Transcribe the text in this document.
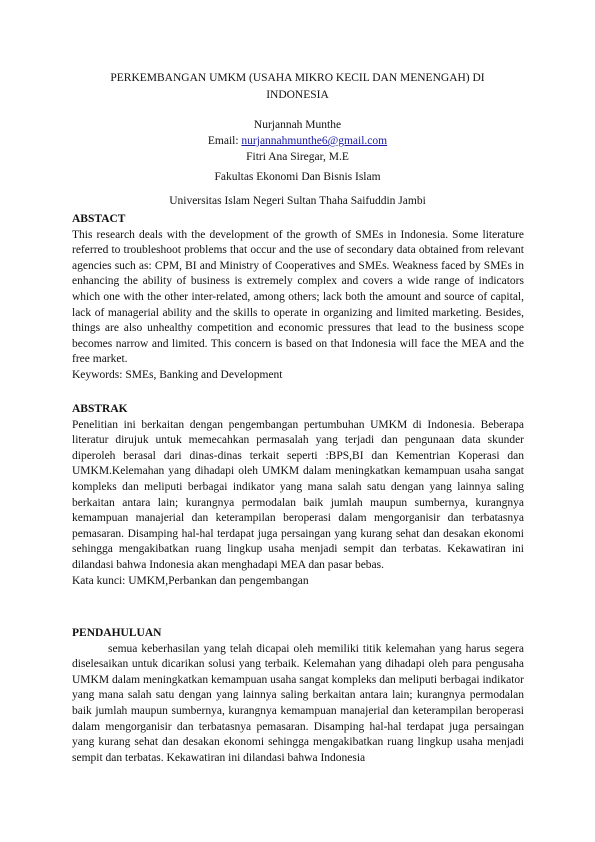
PERKEMBANGAN UMKM (USAHA MIKRO KECIL DAN MENENGAH) DI INDONESIA
Nurjannah Munthe
Email: nurjannahmunthe6@gmail.com
Fitri Ana Siregar, M.E
Fakultas Ekonomi Dan Bisnis Islam
Universitas Islam Negeri Sultan Thaha Saifuddin Jambi
ABSTACT

This research deals with the development of the growth of SMEs in Indonesia. Some literature referred to troubleshoot problems that occur and the use of secondary data obtained from relevant agencies such as: CPM, BI and Ministry of Cooperatives and SMEs. Weakness faced by SMEs in enhancing the ability of business is extremely complex and covers a wide range of indicators which one with the other inter-related, among others; lack both the amount and source of capital, lack of managerial ability and the skills to operate in organizing and limited marketing. Besides, things are also unhealthy competition and economic pressures that lead to the business scope becomes narrow and limited. This concern is based on that Indonesia will face the MEA and the free market.

Keywords: SMEs, Banking and Development

ABSTRAK

Penelitian ini berkaitan dengan pengembangan pertumbuhan UMKM di Indonesia. Beberapa literatur dirujuk untuk memecahkan permasalah yang terjadi dan pengunaan data skunder diperoleh berasal dari dinas-dinas terkait seperti :BPS,BI dan Kementrian Koperasi dan UMKM.Kelemahan yang dihadapi oleh UMKM dalam meningkatkan kemampuan usaha sangat kompleks dan meliputi berbagai indikator yang mana salah satu dengan yang lainnya saling berkaitan antara lain; kurangnya permodalan baik jumlah maupun sumbernya, kurangnya kemampuan manajerial dan keterampilan beroperasi dalam mengorganisir dan terbatasnya pemasaran. Disamping hal-hal terdapat juga persaingan yang kurang sehat dan desakan ekonomi sehingga mengakibatkan ruang lingkup usaha menjadi sempit dan terbatas. Kekawatiran ini dilandasi bahwa Indonesia akan menghadapi MEA dan pasar bebas.

Kata kunci: UMKM,Perbankan dan pengembangan

PENDAHULUAN

semua keberhasilan yang telah dicapai oleh memiliki titik kelemahan yang harus segera diselesaikan untuk dicarikan solusi yang terbaik. Kelemahan yang dihadapi oleh para pengusaha UMKM dalam meningkatkan kemampuan usaha sangat kompleks dan meliputi berbagai indikator yang mana salah satu dengan yang lainnya saling berkaitan antara lain; kurangnya permodalan baik jumlah maupun sumbernya, kurangnya kemampuan manajerial dan keterampilan beroperasi dalam mengorganisir dan terbatasnya pemasaran. Disamping hal-hal terdapat juga persaingan yang kurang sehat dan desakan ekonomi sehingga mengakibatkan ruang lingkup usaha menjadi sempit dan terbatas. Kekawatiran ini dilandasi bahwa Indonesia
